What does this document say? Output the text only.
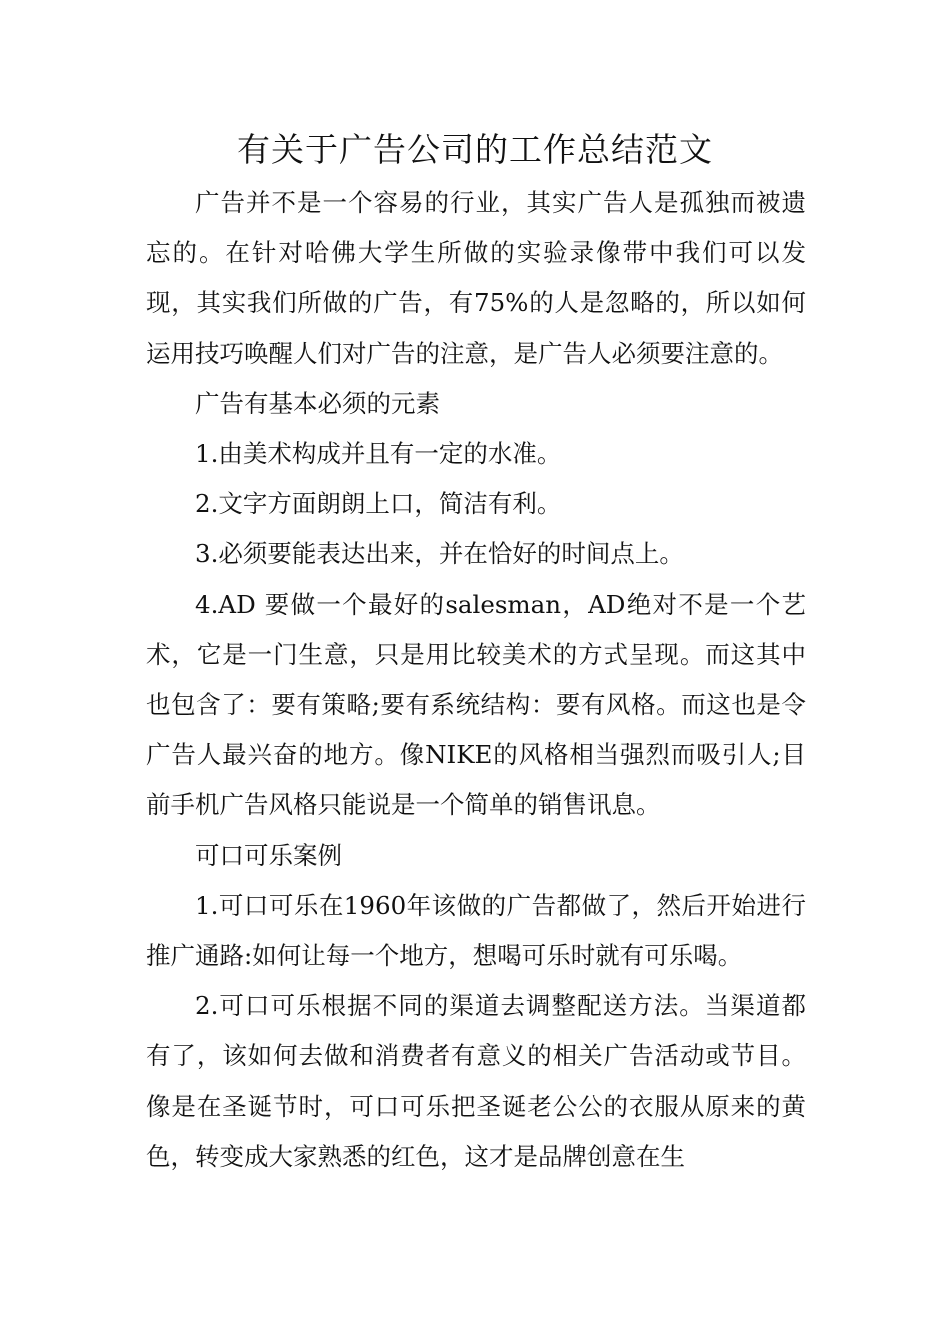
有关于广告公司的工作总结范文

广告并不是一个容易的行业，其实广告人是孤独而被遗忘的。在针对哈佛大学生所做的实验录像带中我们可以发现，其实我们所做的广告，有75%的人是忽略的，所以如何运用技巧唤醒人们对广告的注意，是广告人必须要注意的。

广告有基本必须的元素

1.由美术构成并且有一定的水准。

2.文字方面朗朗上口，简洁有利。

3.必须要能表达出来，并在恰好的时间点上。

4.AD 要做一个最好的salesman，AD绝对不是一个艺术，它是一门生意，只是用比较美术的方式呈现。而这其中也包含了：要有策略;要有系统结构：要有风格。而这也是令广告人最兴奋的地方。像NIKE的风格相当强烈而吸引人;目前手机广告风格只能说是一个简单的销售讯息。

可口可乐案例

1.可口可乐在1960年该做的广告都做了，然后开始进行推广通路:如何让每一个地方，想喝可乐时就有可乐喝。

2.可口可乐根据不同的渠道去调整配送方法。当渠道都有了，该如何去做和消费者有意义的相关广告活动或节目。像是在圣诞节时，可口可乐把圣诞老公公的衣服从原来的黄色，转变成大家熟悉的红色，这才是品牌创意在生
